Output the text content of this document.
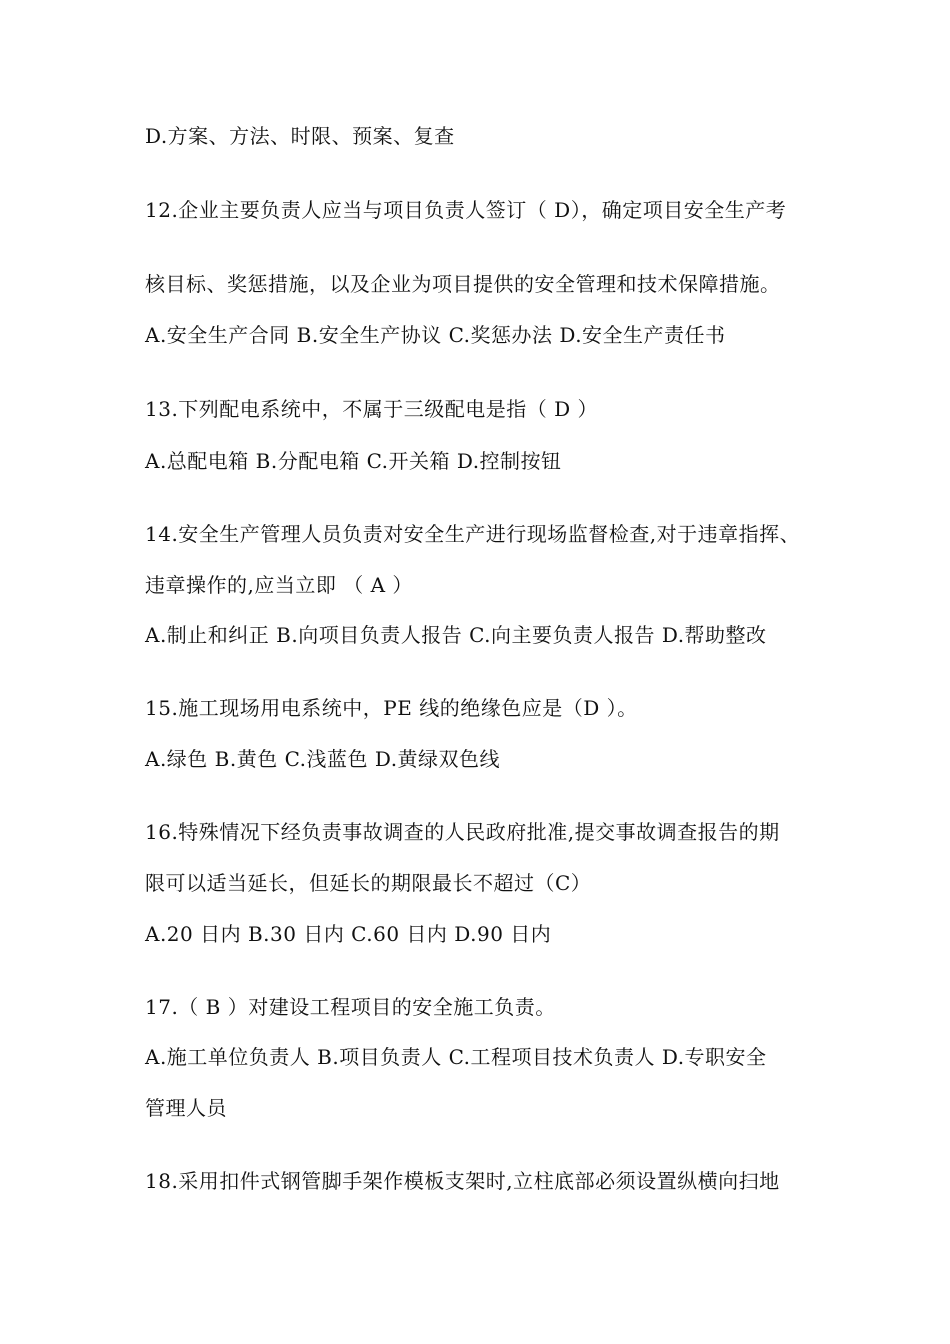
D.方案、方法、时限、预案、复查
12.企业主要负责人应当与项目负责人签订（ D），确定项目安全生产考
核目标、奖惩措施，以及企业为项目提供的安全管理和技术保障措施。
A.安全生产合同 B.安全生产协议 C.奖惩办法 D.安全生产责任书
13.下列配电系统中，不属于三级配电是指（ D ）
A.总配电箱 B.分配电箱 C.开关箱 D.控制按钮
14.安全生产管理人员负责对安全生产进行现场监督检查,对于违章指挥、
违章操作的,应当立即 （ A ）
A.制止和纠正 B.向项目负责人报告 C.向主要负责人报告 D.帮助整改
15.施工现场用电系统中，PE 线的绝缘色应是（D ）。
A.绿色 B.黄色 C.浅蓝色 D.黄绿双色线
16.特殊情况下经负责事故调查的人民政府批准,提交事故调查报告的期
限可以适当延长，但延长的期限最长不超过（C）
A.20 日内 B.30 日内 C.60 日内 D.90 日内
17.（ B ）对建设工程项目的安全施工负责。
A.施工单位负责人 B.项目负责人 C.工程项目技术负责人 D.专职安全
管理人员
18.采用扣件式钢管脚手架作模板支架时,立柱底部必须设置纵横向扫地
